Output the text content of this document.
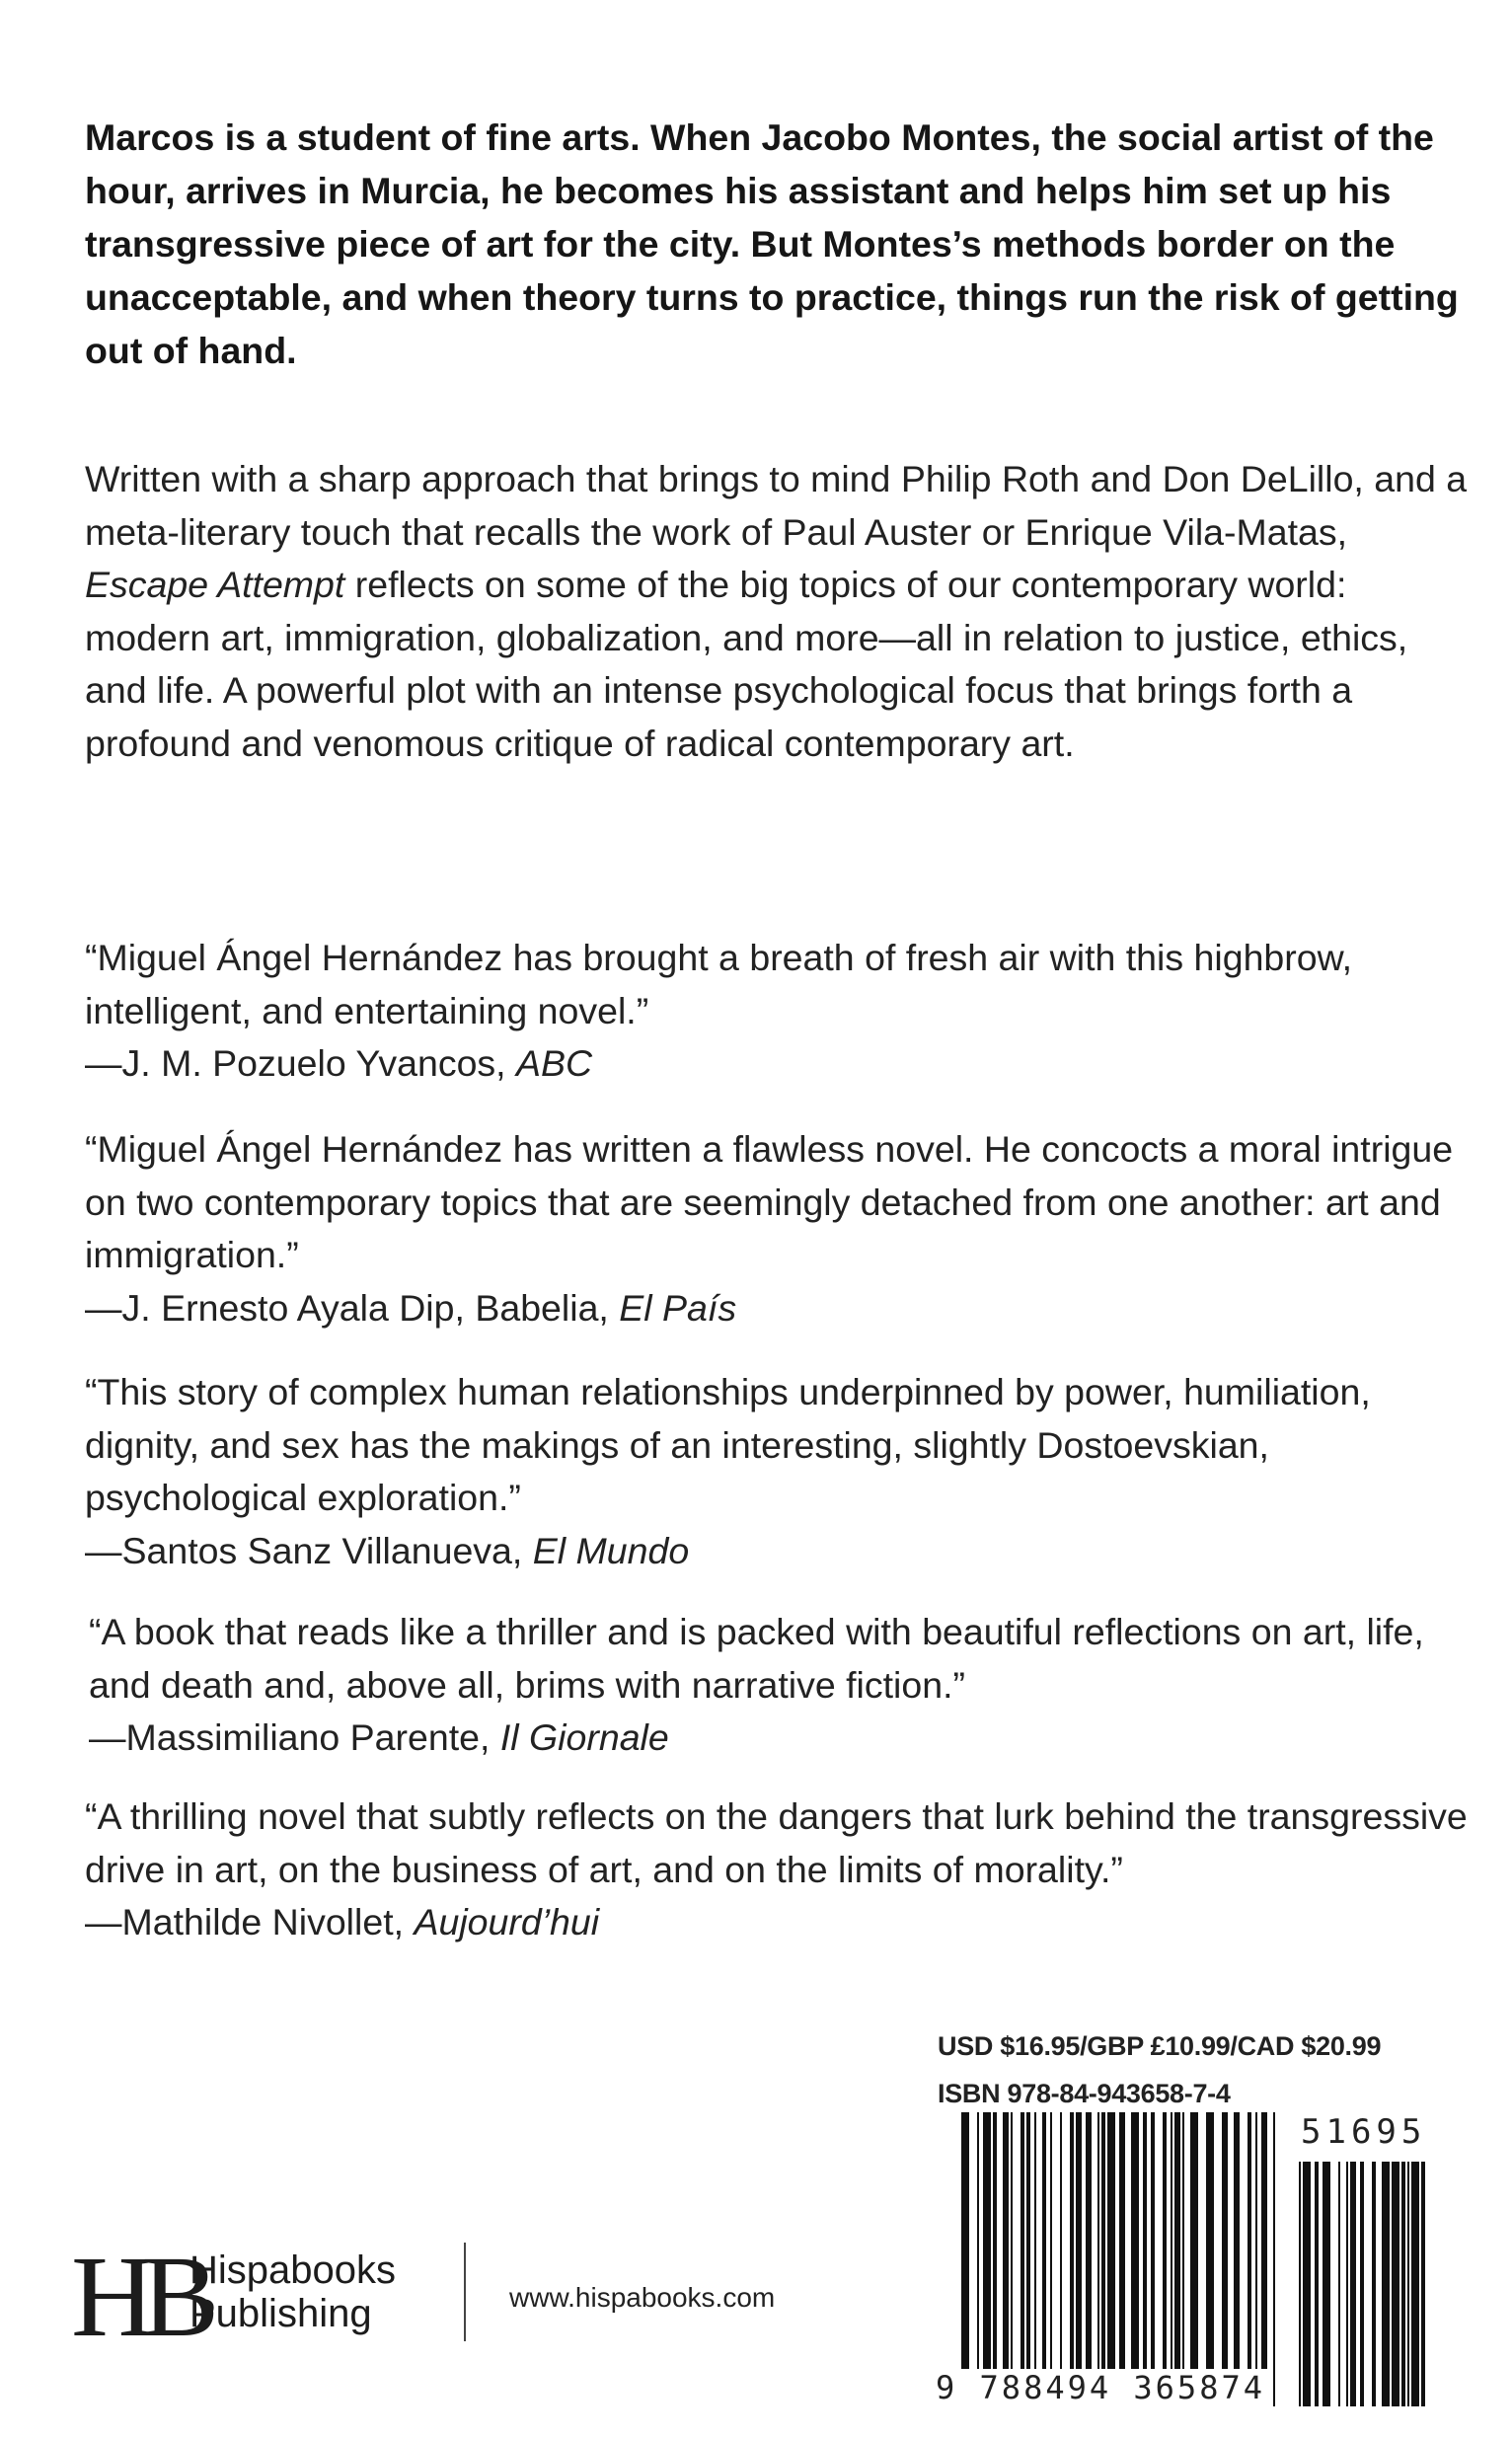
Marcos is a student of fine arts. When Jacobo Montes, the social artist of the hour, arrives in Murcia, he becomes his assistant and helps him set up his transgressive piece of art for the city. But Montes’s methods border on the unacceptable, and when theory turns to practice, things run the risk of getting out of hand.

Written with a sharp approach that brings to mind Philip Roth and Don DeLillo, and a meta-literary touch that recalls the work of Paul Auster or Enrique Vila-Matas, Escape Attempt reflects on some of the big topics of our contemporary world: modern art, immigration, globalization, and more—all in relation to justice, ethics, and life. A powerful plot with an intense psychological focus that brings forth a profound and venomous critique of radical contemporary art.

“Miguel Ángel Hernández has brought a breath of fresh air with this highbrow, intelligent, and entertaining novel.”
—J. M. Pozuelo Yvancos, ABC

“Miguel Ángel Hernández has written a flawless novel. He concocts a moral intrigue on two contemporary topics that are seemingly detached from one another: art and immigration.”
—J. Ernesto Ayala Dip, Babelia, El País

“This story of complex human relationships underpinned by power, humiliation, dignity, and sex has the makings of an interesting, slightly Dostoevskian, psychological exploration.”
—Santos Sanz Villanueva, El Mundo

“A book that reads like a thriller and is packed with beautiful reflections on art, life, and death and, above all, brims with narrative fiction.”
—Massimiliano Parente, Il Giornale

“A thrilling novel that subtly reflects on the dangers that lurk behind the transgressive drive in art, on the business of art, and on the limits of morality.”
—Mathilde Nivollet, Aujourd’hui

USD $16.95/GBP £10.99/CAD $20.99
ISBN 978-84-943658-7-4
51695
9 788494 365874
HB
Hispabooks
Publishing	www.hispabooks.com
